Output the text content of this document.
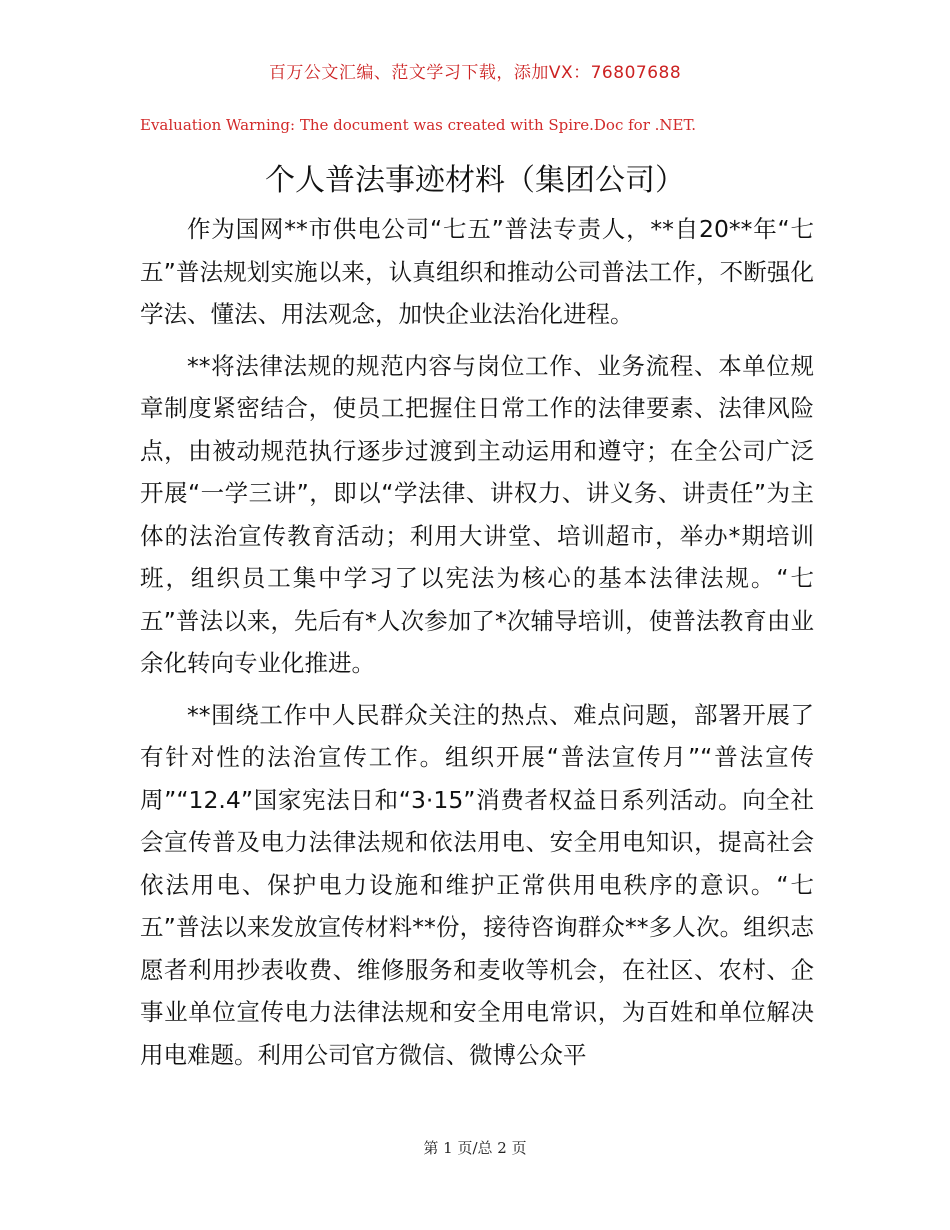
百万公文汇编、范文学习下载，添加VX：76807688
Evaluation Warning: The document was created with Spire.Doc for .NET.
个人普法事迹材料（集团公司）

作为国网**市供电公司“七五”普法专责人，**自20**年“七五”普法规划实施以来，认真组织和推动公司普法工作，不断强化学法、懂法、用法观念，加快企业法治化进程。

**将法律法规的规范内容与岗位工作、业务流程、本单位规章制度紧密结合，使员工把握住日常工作的法律要素、法律风险点，由被动规范执行逐步过渡到主动运用和遵守；在全公司广泛开展“一学三讲”，即以“学法律、讲权力、讲义务、讲责任”为主体的法治宣传教育活动；利用大讲堂、培训超市，举办*期培训班，组织员工集中学习了以宪法为核心的基本法律法规。“七五”普法以来，先后有*人次参加了*次辅导培训，使普法教育由业余化转向专业化推进。

**围绕工作中人民群众关注的热点、难点问题，部署开展了有针对性的法治宣传工作。组织开展“普法宣传月”“普法宣传周”“12.4”国家宪法日和“3·15”消费者权益日系列活动。向全社会宣传普及电力法律法规和依法用电、安全用电知识，提高社会依法用电、保护电力设施和维护正常供用电秩序的意识。“七五”普法以来发放宣传材料**份，接待咨询群众**多人次。组织志愿者利用抄表收费、维修服务和麦收等机会，在社区、农村、企事业单位宣传电力法律法规和安全用电常识，为百姓和单位解决用电难题。利用公司官方微信、微博公众平

第 1 页/总 2 页
